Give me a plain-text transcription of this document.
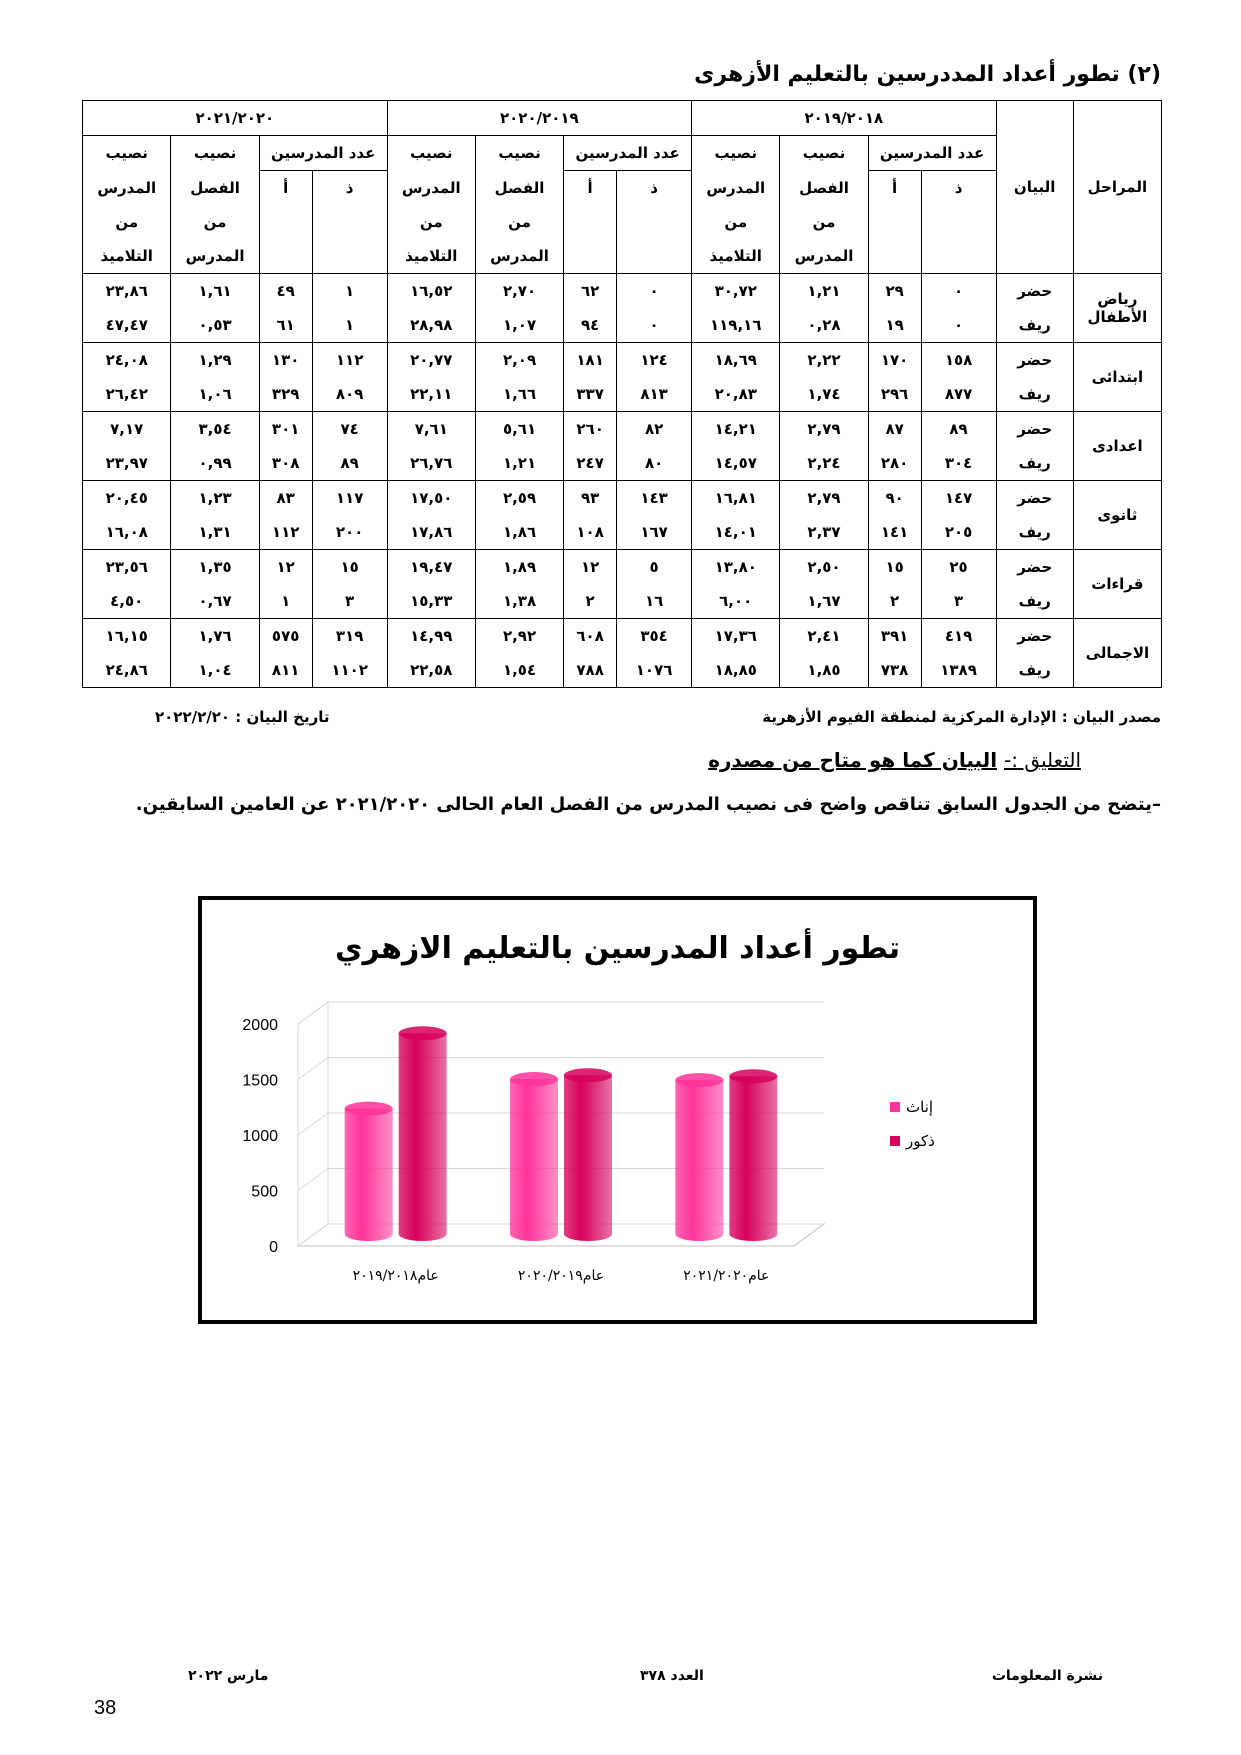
(٢) تطور أعداد المددرسين بالتعليم الأزهرى
المراحل	البيان	٢٠١٩/٢٠١٨				٢٠٢٠/٢٠١٩				٢٠٢١/٢٠٢٠			
		عدد المدرسين		نصيب	نصيب	عدد المدرسين		نصيب	نصيب	عدد المدرسين		نصيب	نصيب
		ذ	أ	الفصل	المدرس	ذ	أ	الفصل	المدرس	ذ	أ	الفصل	المدرس
				من	من			من	من			من	من
				المدرس	التلاميذ			المدرس	التلاميذ			المدرس	التلاميذ
رياض الأطفال	حضر	٠	٢٩	١,٢١	٣٠,٧٢	٠	٦٢	٢,٧٠	١٦,٥٢	١	٤٩	١,٦١	٢٣,٨٦
	ريف	٠	١٩	٠,٢٨	١١٩,١٦	٠	٩٤	١,٠٧	٢٨,٩٨	١	٦١	٠,٥٣	٤٧,٤٧
ابتدائى	حضر	١٥٨	١٧٠	٢,٢٢	١٨,٦٩	١٢٤	١٨١	٢,٠٩	٢٠,٧٧	١١٢	١٣٠	١,٢٩	٢٤,٠٨
	ريف	٨٧٧	٢٩٦	١,٧٤	٢٠,٨٣	٨١٣	٣٣٧	١,٦٦	٢٢,١١	٨٠٩	٣٢٩	١,٠٦	٢٦,٤٢
اعدادى	حضر	٨٩	٨٧	٢,٧٩	١٤,٢١	٨٢	٢٦٠	٥,٦١	٧,٦١	٧٤	٣٠١	٣,٥٤	٧,١٧
	ريف	٣٠٤	٢٨٠	٢,٢٤	١٤,٥٧	٨٠	٢٤٧	١,٢١	٢٦,٧٦	٨٩	٣٠٨	٠,٩٩	٢٣,٩٧
ثانوى	حضر	١٤٧	٩٠	٢,٧٩	١٦,٨١	١٤٣	٩٣	٢,٥٩	١٧,٥٠	١١٧	٨٣	١,٢٣	٢٠,٤٥
	ريف	٢٠٥	١٤١	٢,٣٧	١٤,٠١	١٦٧	١٠٨	١,٨٦	١٧,٨٦	٢٠٠	١١٢	١,٣١	١٦,٠٨
قراءات	حضر	٢٥	١٥	٢,٥٠	١٣,٨٠	٥	١٢	١,٨٩	١٩,٤٧	١٥	١٢	١,٣٥	٢٣,٥٦
	ريف	٣	٢	١,٦٧	٦,٠٠	١٦	٢	١,٣٨	١٥,٣٣	٣	١	٠,٦٧	٤,٥٠
الاجمالى	حضر	٤١٩	٣٩١	٢,٤١	١٧,٣٦	٣٥٤	٦٠٨	٢,٩٢	١٤,٩٩	٣١٩	٥٧٥	١,٧٦	١٦,١٥
	ريف	١٣٨٩	٧٣٨	١,٨٥	١٨,٨٥	١٠٧٦	٧٨٨	١,٥٤	٢٢,٥٨	١١٠٢	٨١١	١,٠٤	٢٤,٨٦
مصدر البيان : الإدارة المركزية لمنطقة الفيوم الأزهرية
تاريخ البيان : ٢٠٢٢/٢/٢٠
التعليق :- البيان كما هو متاح من مصدره
–يتضح من الجدول السابق تناقص واضح فى نصيب المدرس من الفصل العام الحالى ٢٠٢١/٢٠٢٠ عن العامين السابقين.
تطور أعداد المدرسين بالتعليم الازهري
0
500
1000
1500
2000
عام٢٠١٩/٢٠١٨	عام٢٠٢٠/٢٠١٩	عام٢٠٢١/٢٠٢٠
إناث
ذكور
نشرة المعلومات
العدد ٣٧٨
مارس ٢٠٢٢
38
